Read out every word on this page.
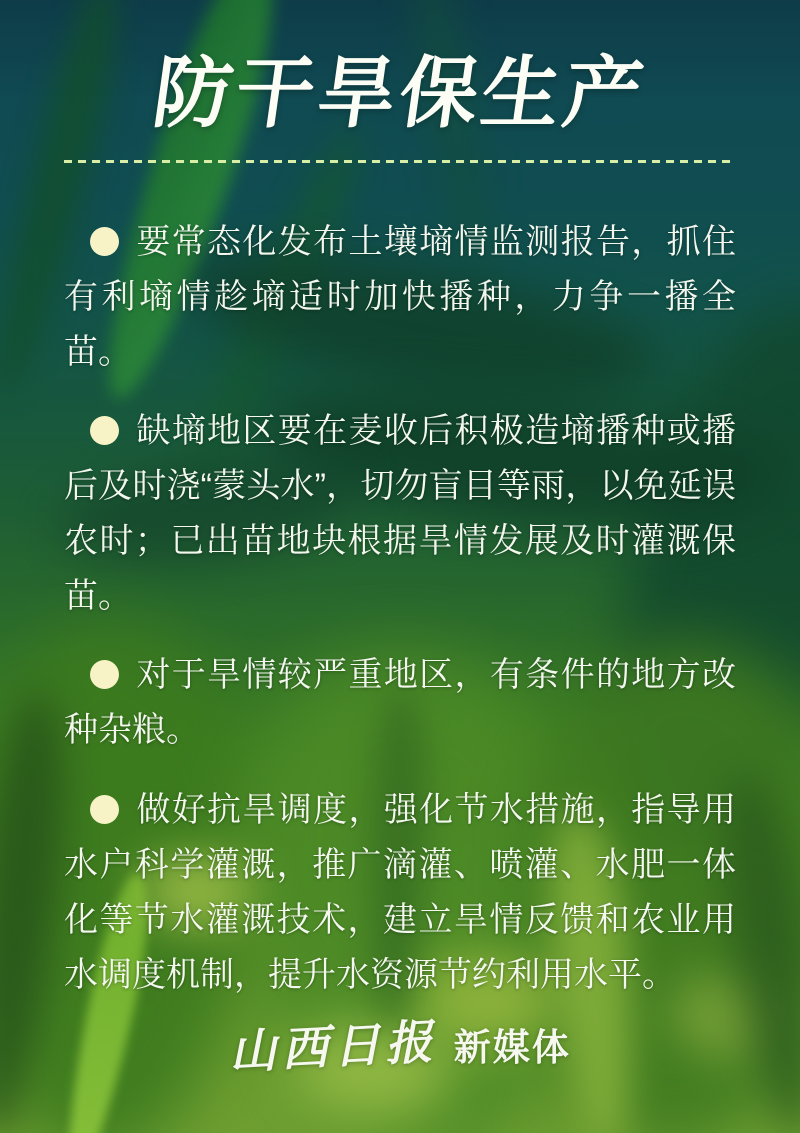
防干旱保生产

要常态化发布土壤墒情监测报告，抓住有利墒情趁墒适时加快播种，力争一播全苗。

缺墒地区要在麦收后积极造墒播种或播后及时浇“蒙头水”，切勿盲目等雨，以免延误农时；已出苗地块根据旱情发展及时灌溉保苗。

对于旱情较严重地区，有条件的地方改种杂粮。

做好抗旱调度，强化节水措施，指导用水户科学灌溉，推广滴灌、喷灌、水肥一体化等节水灌溉技术，建立旱情反馈和农业用水调度机制，提升水资源节约利用水平。

山西日报 新媒体
